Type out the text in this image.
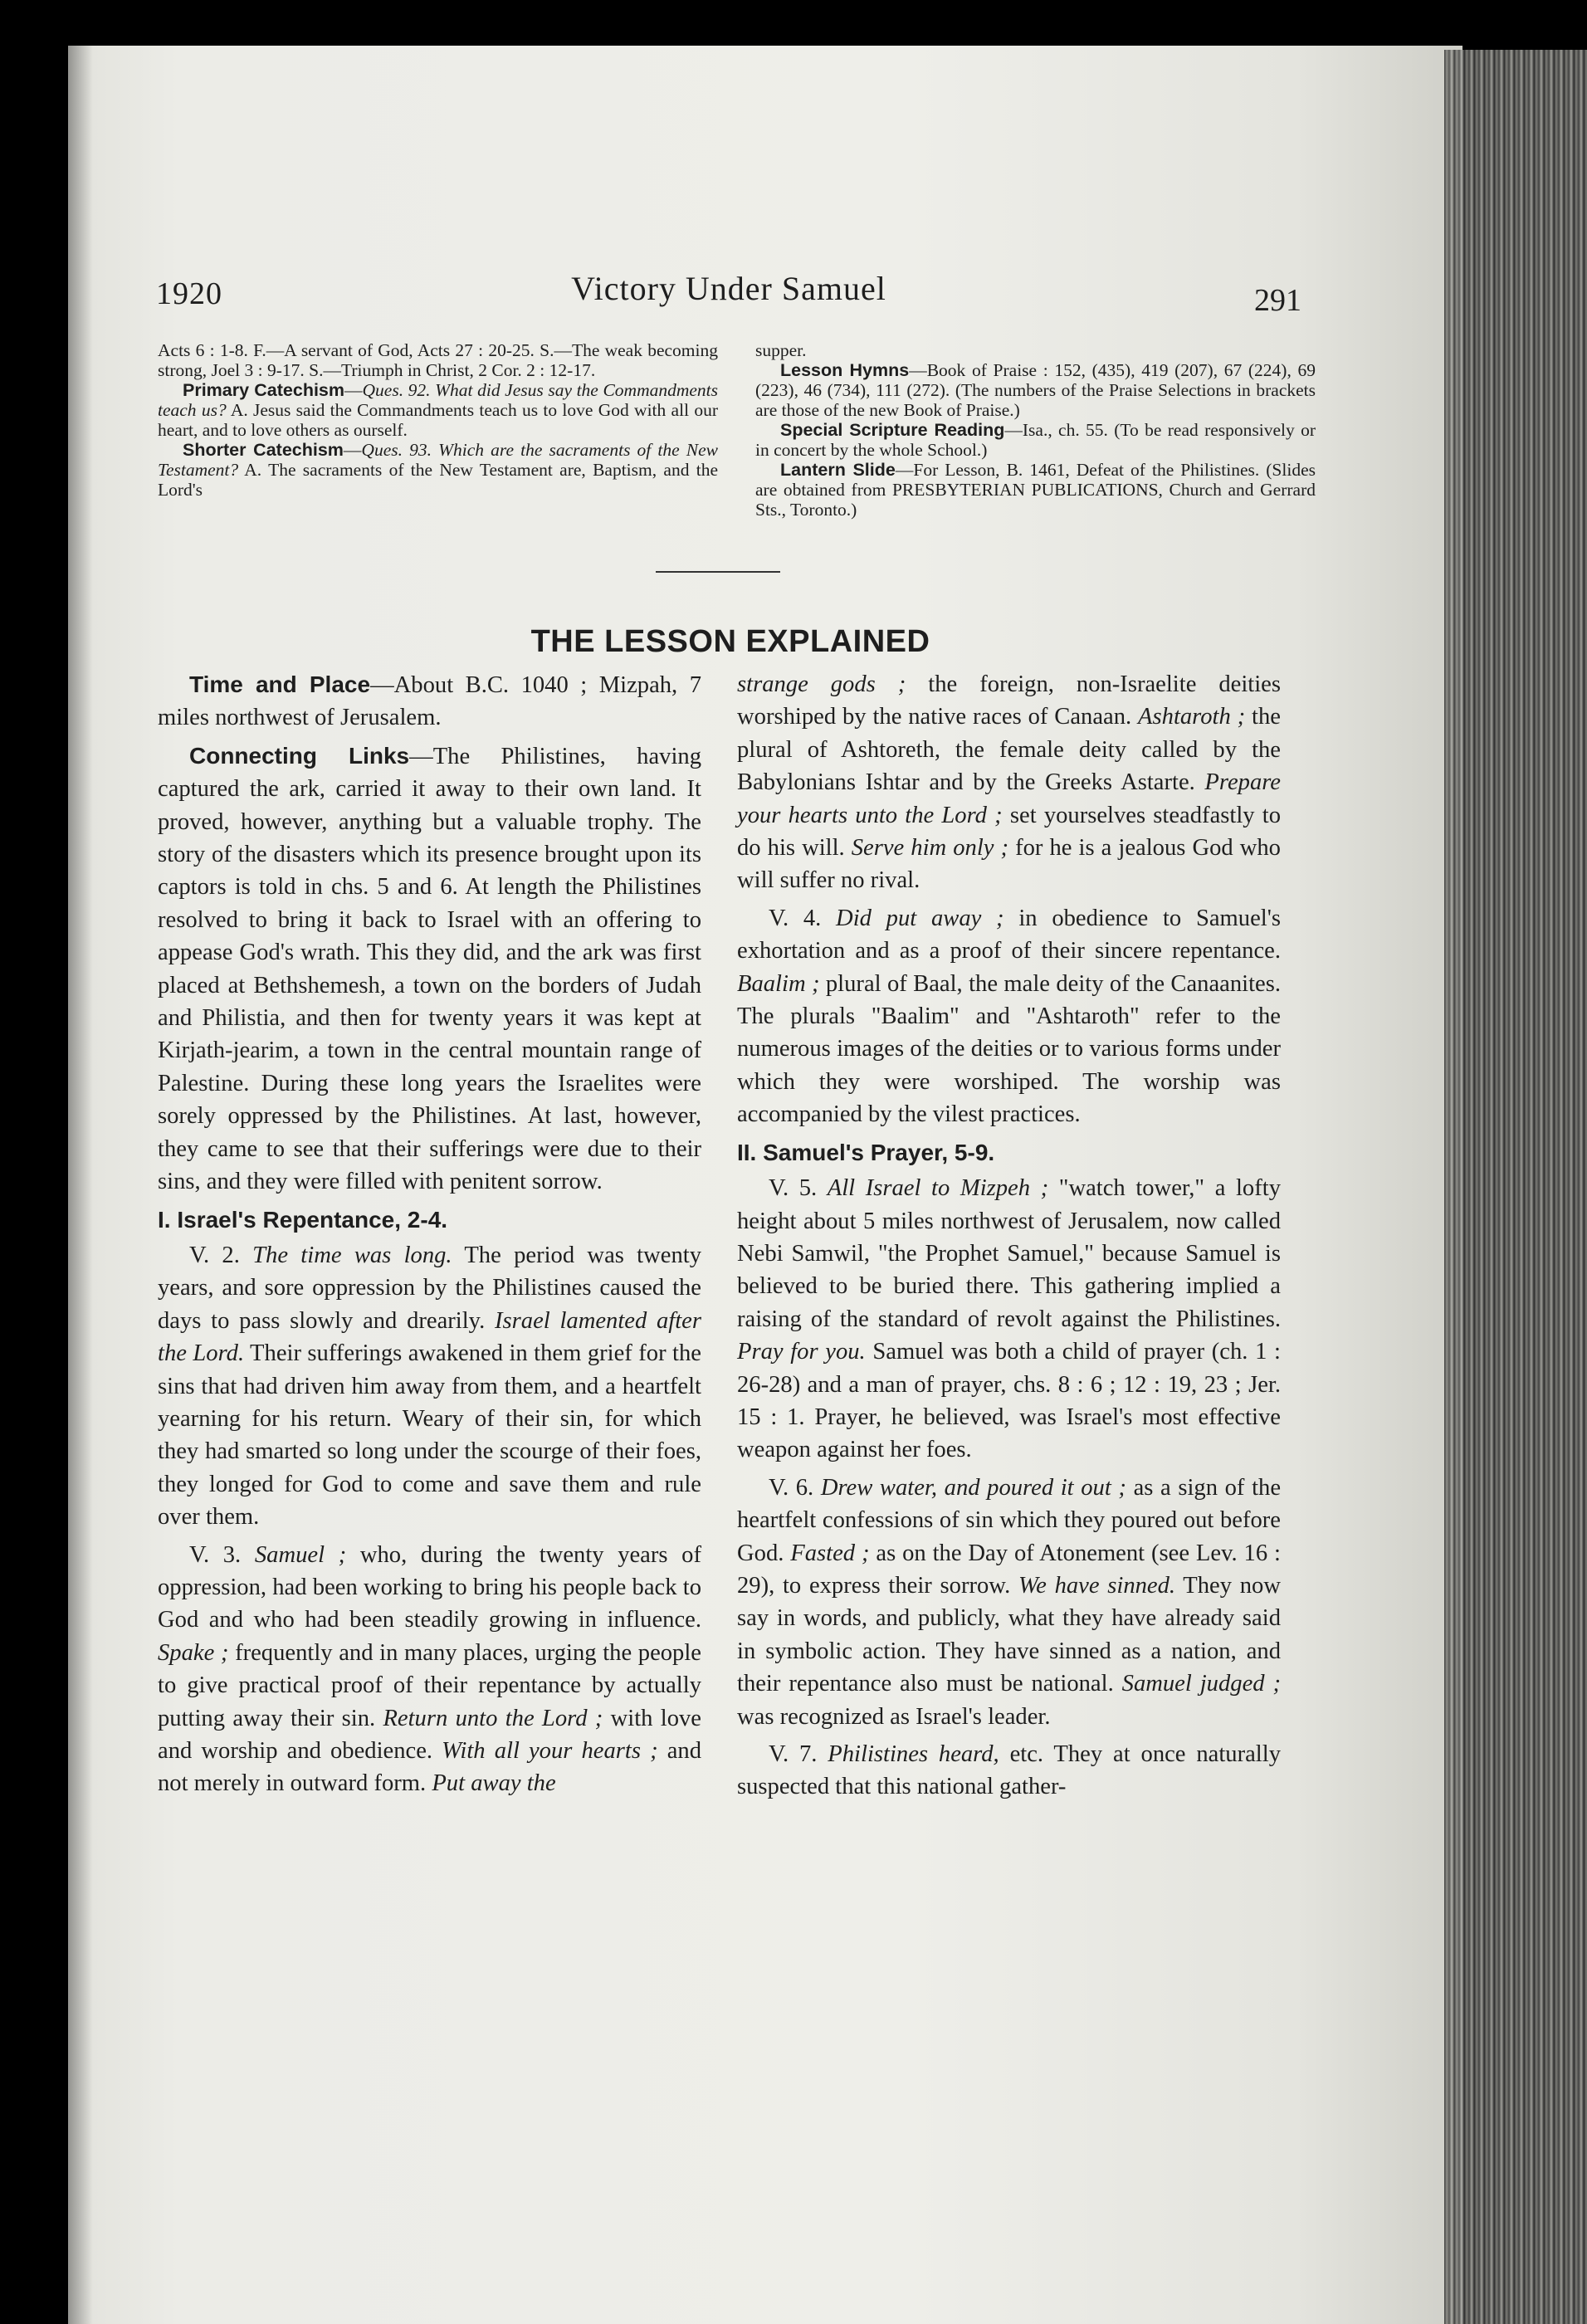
1920	Victory Under Samuel	291

Acts 6 : 1-8. F.—A servant of God, Acts 27 : 20-25. S.—The weak becoming strong, Joel 3 : 9-17. S.—Triumph in Christ, 2 Cor. 2 : 12-17.

Primary Catechism—Ques. 92. What did Jesus say the Commandments teach us? A. Jesus said the Commandments teach us to love God with all our heart, and to love others as ourself.

Shorter Catechism—Ques. 93. Which are the sacraments of the New Testament? A. The sacraments of the New Testament are, Baptism, and the Lord's

supper.

Lesson Hymns—Book of Praise : 152, (435), 419 (207), 67 (224), 69 (223), 46 (734), 111 (272). (The numbers of the Praise Selections in brackets are those of the new Book of Praise.)

Special Scripture Reading—Isa., ch. 55. (To be read responsively or in concert by the whole School.)

Lantern Slide—For Lesson, B. 1461, Defeat of the Philistines. (Slides are obtained from PRESBYTERIAN PUBLICATIONS, Church and Gerrard Sts., Toronto.)

THE LESSON EXPLAINED

Time and Place—About B.C. 1040 ; Mizpah, 7 miles northwest of Jerusalem.

Connecting Links—The Philistines, having captured the ark, carried it away to their own land. It proved, however, anything but a valuable trophy. The story of the disasters which its presence brought upon its captors is told in chs. 5 and 6. At length the Philistines resolved to bring it back to Israel with an offering to appease God's wrath. This they did, and the ark was first placed at Bethshemesh, a town on the borders of Judah and Philistia, and then for twenty years it was kept at Kirjath-jearim, a town in the central mountain range of Palestine. During these long years the Israelites were sorely oppressed by the Philistines. At last, however, they came to see that their sufferings were due to their sins, and they were filled with penitent sorrow.

I. Israel's Repentance, 2-4.

V. 2. The time was long. The period was twenty years, and sore oppression by the Philistines caused the days to pass slowly and drearily. Israel lamented after the Lord. Their sufferings awakened in them grief for the sins that had driven him away from them, and a heartfelt yearning for his return. Weary of their sin, for which they had smarted so long under the scourge of their foes, they longed for God to come and save them and rule over them.

V. 3. Samuel ; who, during the twenty years of oppression, had been working to bring his people back to God and who had been steadily growing in influence. Spake ; frequently and in many places, urging the people to give practical proof of their repentance by actually putting away their sin. Return unto the Lord ; with love and worship and obedience. With all your hearts ; and not merely in outward form. Put away the

strange gods ; the foreign, non-Israelite deities worshiped by the native races of Canaan. Ashtaroth ; the plural of Ashtoreth, the female deity called by the Babylonians Ishtar and by the Greeks Astarte. Prepare your hearts unto the Lord ; set yourselves steadfastly to do his will. Serve him only ; for he is a jealous God who will suffer no rival.

V. 4. Did put away ; in obedience to Samuel's exhortation and as a proof of their sincere repentance. Baalim ; plural of Baal, the male deity of the Canaanites. The plurals "Baalim" and "Ashtaroth" refer to the numerous images of the deities or to various forms under which they were worshiped. The worship was accompanied by the vilest practices.

II. Samuel's Prayer, 5-9.

V. 5. All Israel to Mizpeh ; "watch tower," a lofty height about 5 miles northwest of Jerusalem, now called Nebi Samwil, "the Prophet Samuel," because Samuel is believed to be buried there. This gathering implied a raising of the standard of revolt against the Philistines. Pray for you. Samuel was both a child of prayer (ch. 1 : 26-28) and a man of prayer, chs. 8 : 6 ; 12 : 19, 23 ; Jer. 15 : 1. Prayer, he believed, was Israel's most effective weapon against her foes.

V. 6. Drew water, and poured it out ; as a sign of the heartfelt confessions of sin which they poured out before God. Fasted ; as on the Day of Atonement (see Lev. 16 : 29), to express their sorrow. We have sinned. They now say in words, and publicly, what they have already said in symbolic action. They have sinned as a nation, and their repentance also must be national. Samuel judged ; was recognized as Israel's leader.

V. 7. Philistines heard, etc. They at once naturally suspected that this national gather-
